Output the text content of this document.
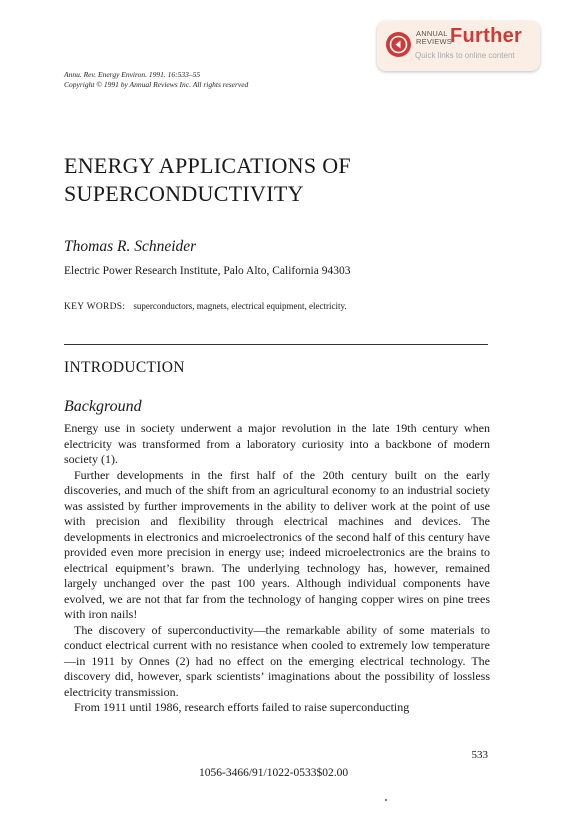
ANNUAL
REVIEWS
Further
Quick links to online content
Annu. Rev. Energy Environ. 1991. 16:533–55
Copyright © 1991 by Annual Reviews Inc. All rights reserved
ENERGY APPLICATIONS OF
SUPERCONDUCTIVITY
Thomas R. Schneider
Electric Power Research Institute, Palo Alto, California 94303
KEY WORDS: superconductors, magnets, electrical equipment, electricity.
INTRODUCTION
Background

Energy use in society underwent a major revolution in the late 19th century when electricity was transformed from a laboratory curiosity into a backbone of modern society (1).

Further developments in the first half of the 20th century built on the early discoveries, and much of the shift from an agricultural economy to an industrial society was assisted by further improvements in the ability to deliver work at the point of use with precision and flexibility through electrical machines and devices. The developments in electronics and microelectronics of the second half of this century have provided even more precision in energy use; indeed microelectronics are the brains to electrical equipment’s brawn. The underlying technology has, however, remained largely unchanged over the past 100 years. Although individual components have evolved, we are not that far from the technology of hanging copper wires on pine trees with iron nails!

The discovery of superconductivity—the remarkable ability of some materials to conduct electrical current with no resistance when cooled to extremely low temperature—in 1911 by Onnes (2) had no effect on the emerging electrical technology. The discovery did, however, spark scientists’ imaginations about the possibility of lossless electricity transmission.

From 1911 until 1986, research efforts failed to raise superconducting

533
1056-3466/91/1022-0533$02.00
